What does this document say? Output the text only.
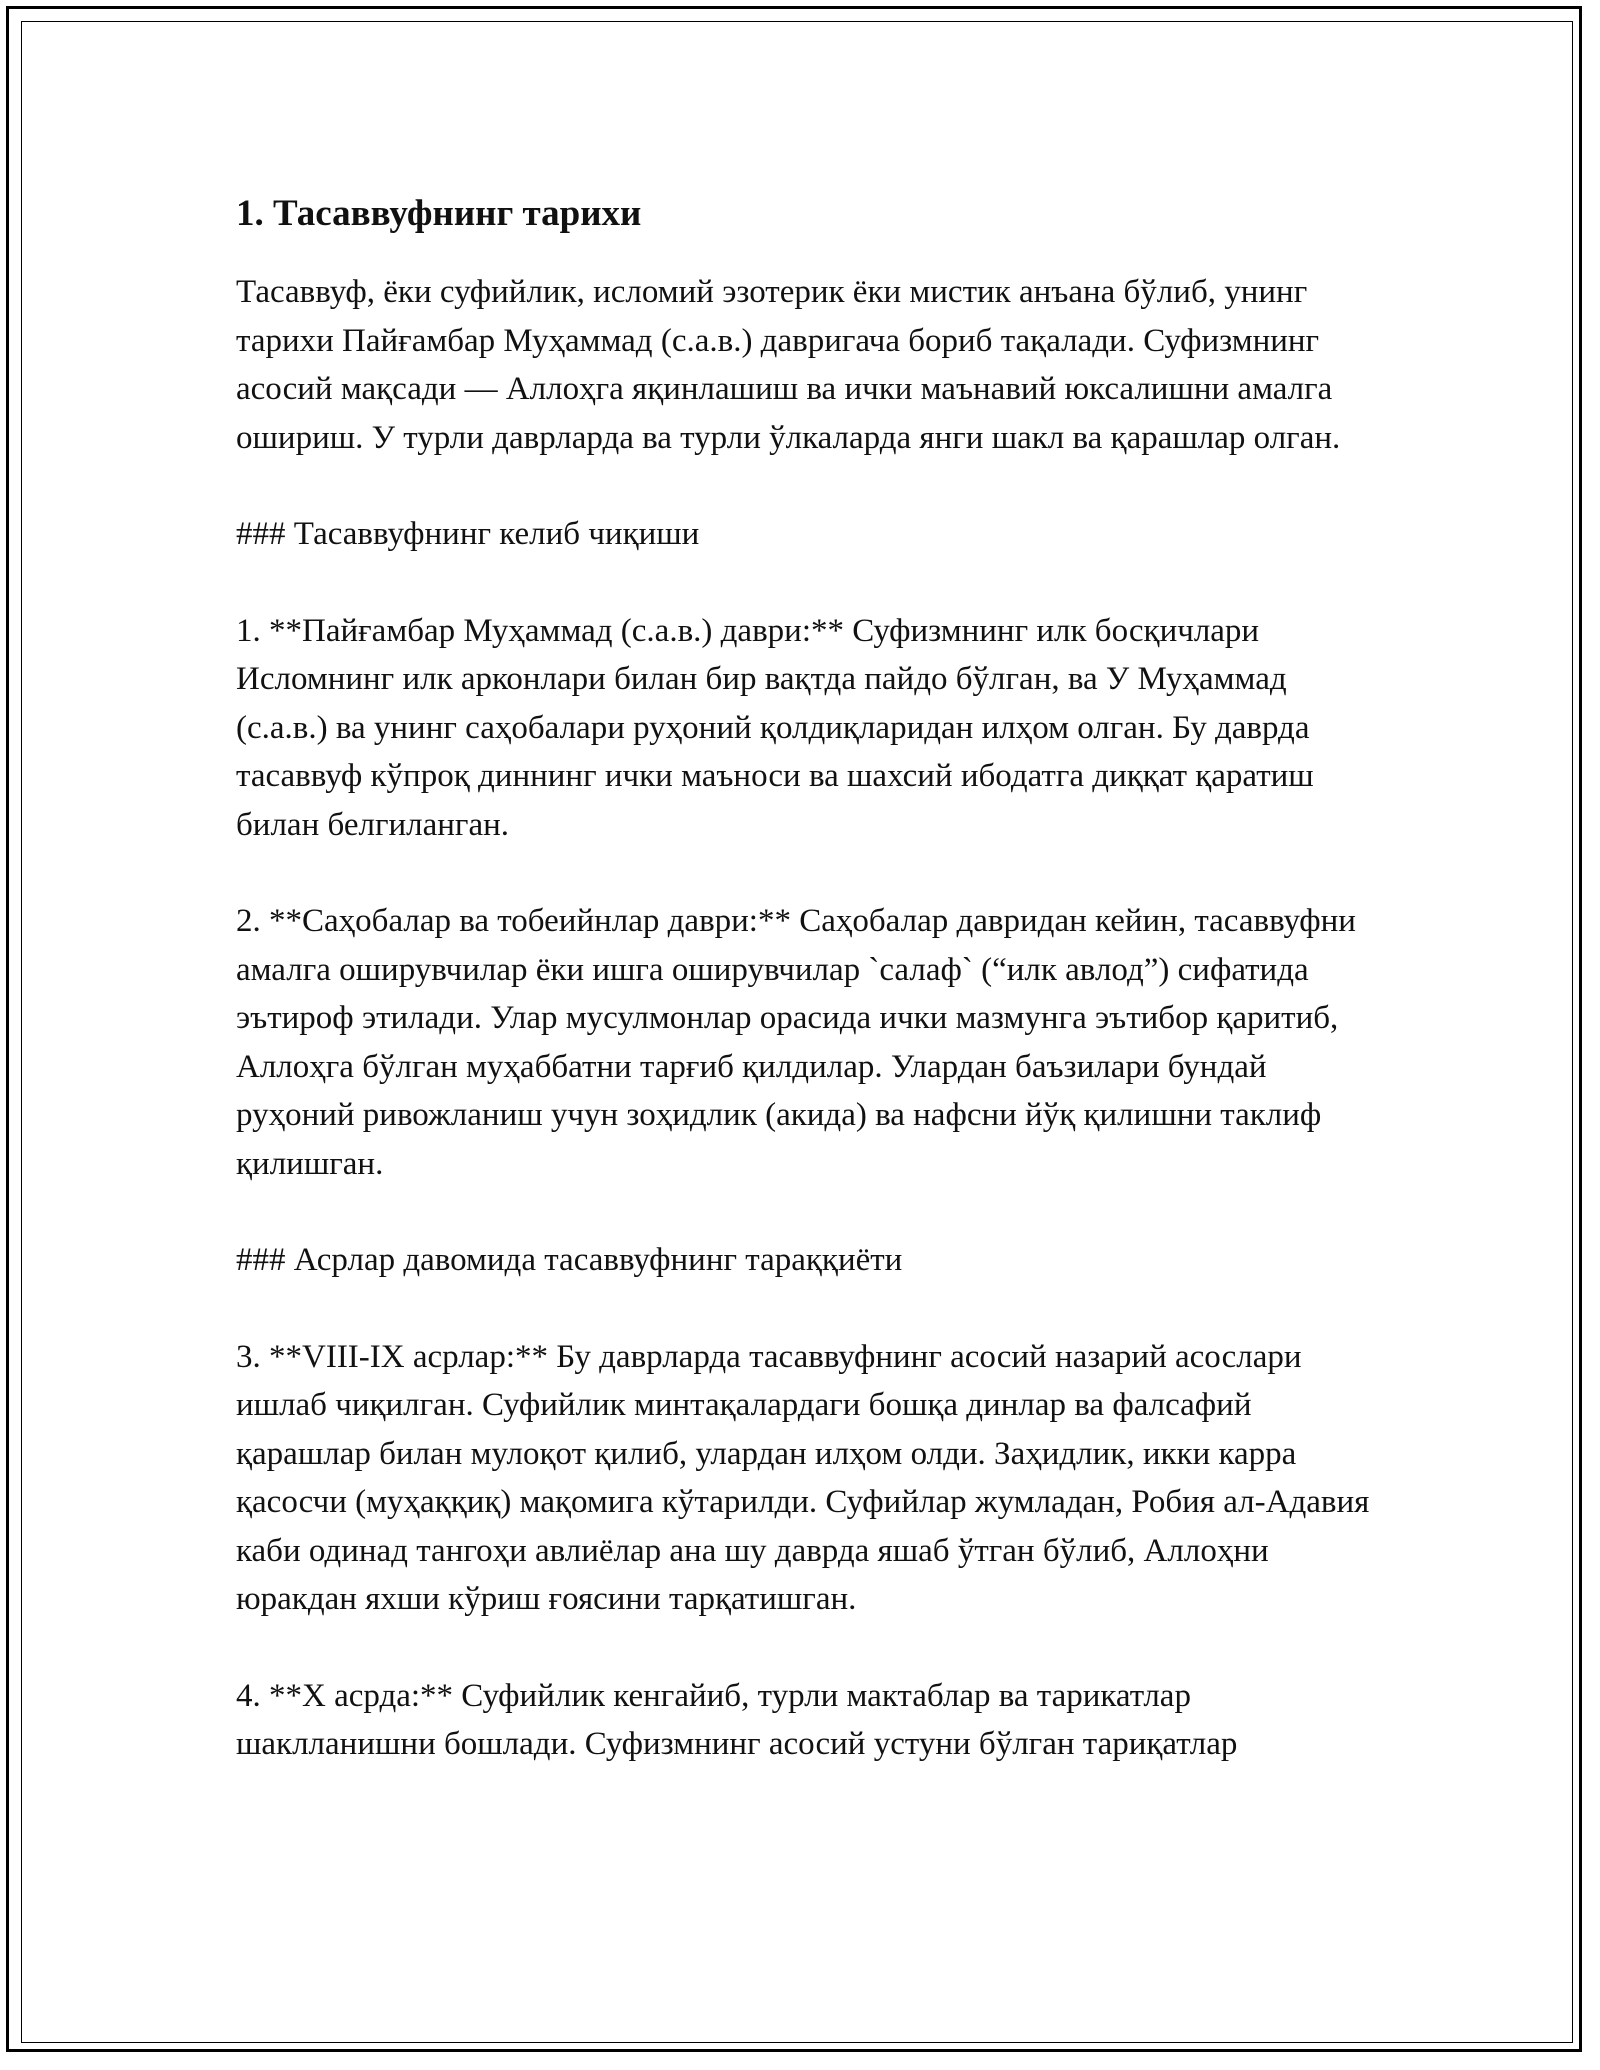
1. Тасаввуфнинг тарихи

Тасаввуф, ёки суфийлик, исломий эзотерик ёки мистик анъана бўлиб, унинг тарихи Пайғамбар Муҳаммад (с.а.в.) давригача бориб тақалади. Суфизмнинг асосий мақсади — Аллоҳга яқинлашиш ва ички маънавий юксалишни амалга ошириш. У турли даврларда ва турли ўлкаларда янги шакл ва қарашлар олган.

### Тасаввуфнинг келиб чиқиши

1. **Пайғамбар Муҳаммад (с.а.в.) даври:** Суфизмнинг илк босқичлари Исломнинг илк арконлари билан бир вақтда пайдо бўлган, ва У Муҳаммад (с.а.в.) ва унинг саҳобалари руҳоний қолдиқларидан илҳом олган. Бу даврда тасаввуф кўпроқ диннинг ички маъноси ва шахсий ибодатга диққат қаратиш билан белгиланган.

2. **Саҳобалар ва тобеийнлар даври:** Саҳобалар давридан кейин, тасаввуфни амалга оширувчилар ёки ишга оширувчилар `салаф` (“илк авлод”) сифатида эътироф этилади. Улар мусулмонлар орасида ички мазмунга эътибор қаритиб, Аллоҳга бўлган муҳаббатни тарғиб қилдилар. Улардан баъзилари бундай руҳоний ривожланиш учун зоҳидлик (акида) ва нафсни йўқ қилишни таклиф қилишган.

### Асрлар давомида тасаввуфнинг тараққиёти

3. **VIII-IX асрлар:** Бу даврларда тасаввуфнинг асосий назарий асослари ишлаб чиқилган. Суфийлик минтақалардаги бошқа динлар ва фалсафий қарашлар билан мулоқот қилиб, улардан илҳом олди. Заҳидлик, икки карра қасосчи (муҳаққиқ) мақомига кўтарилди. Суфийлар жумладан, Робия ал-Адавия каби одинад тангоҳи авлиёлар ана шу даврда яшаб ўтган бўлиб, Аллоҳни юракдан яхши кўриш ғоясини тарқатишган.

4. **X асрда:** Суфийлик кенгайиб, турли мактаблар ва тарикатлар шаклланишни бошлади. Суфизмнинг асосий устуни бўлган тариқатлар
